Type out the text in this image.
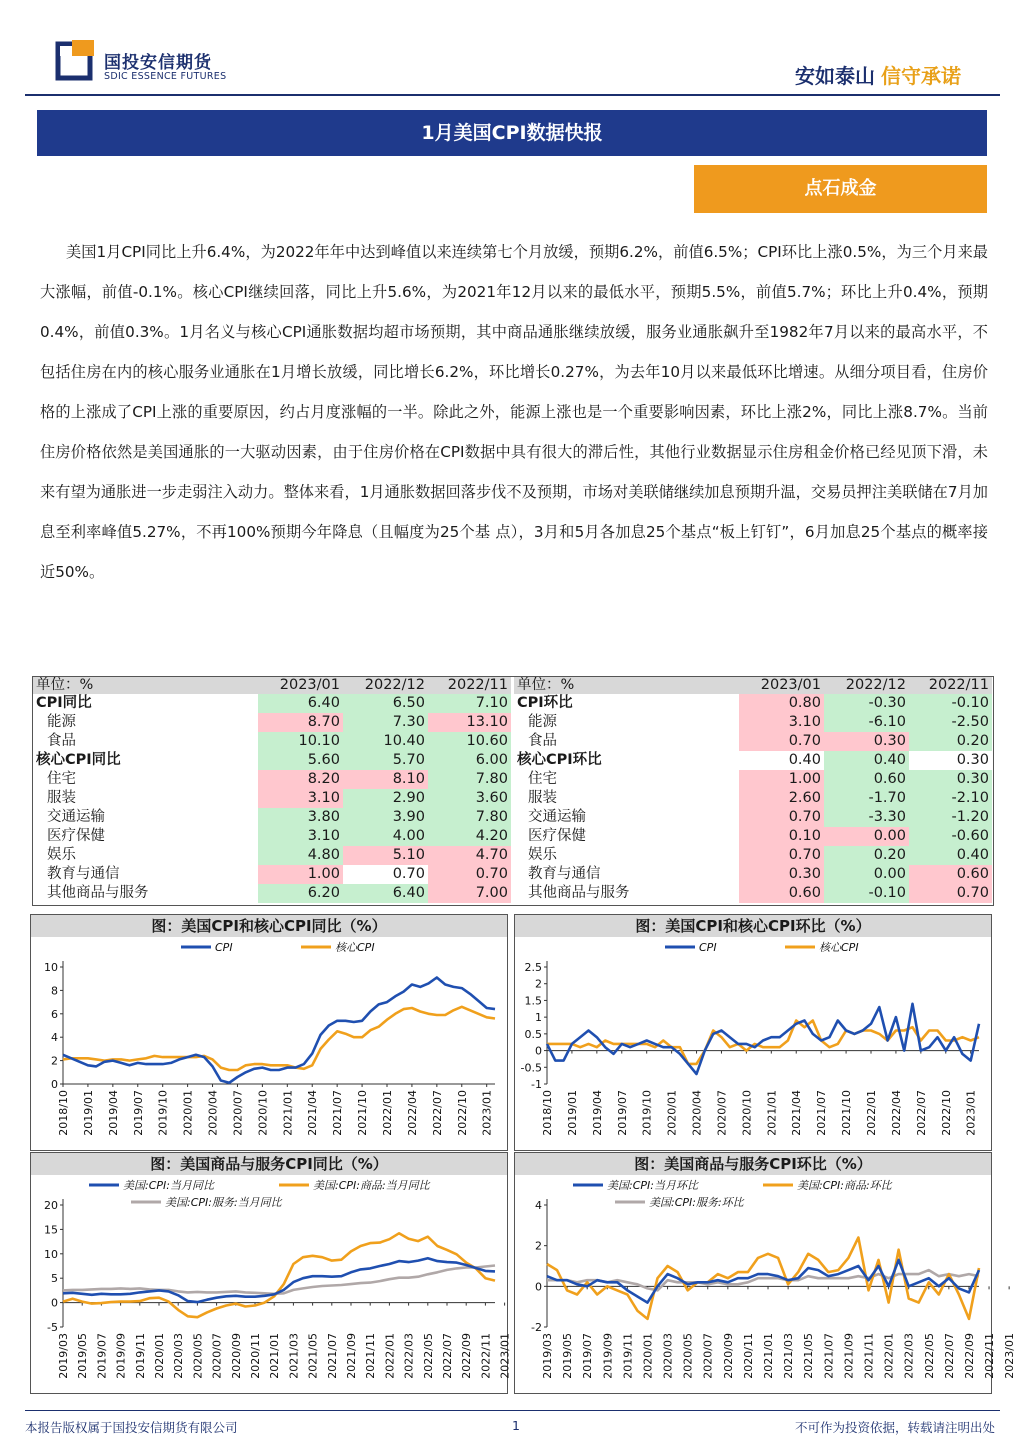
国投安信期货
SDIC ESSENCE FUTURES	安如泰山 信守承诺
1月美国CPI数据快报
点石成金

美国1月CPI同比上升6.4%，为2022年年中达到峰值以来连续第七个月放缓，预期6.2%，前值6.5%；CPI环比上涨0.5%，为三个月来最大涨幅，前值-0.1%。核心CPI继续回落，同比上升5.6%，为2021年12月以来的最低水平，预期5.5%，前值5.7%；环比上升0.4%，预期0.4%，前值0.3%。1月名义与核心CPI通胀数据均超市场预期，其中商品通胀继续放缓，服务业通胀飙升至1982年7月以来的最高水平，不包括住房在内的核心服务业通胀在1月增长放缓，同比增长6.2%，环比增长0.27%，为去年10月以来最低环比增速。从细分项目看，住房价格的上涨成了CPI上涨的重要原因，约占月度涨幅的一半。除此之外，能源上涨也是一个重要影响因素，环比上涨2%，同比上涨8.7%。当前住房价格依然是美国通胀的一大驱动因素，由于住房价格在CPI数据中具有很大的滞后性，其他行业数据显示住房租金价格已经见顶下滑，未来有望为通胀进一步走弱注入动力。整体来看，1月通胀数据回落步伐不及预期，市场对美联储继续加息预期升温，交易员押注美联储在7月加息至利率峰值5.27%，不再100%预期今年降息（且幅度为25个基 点），3月和5月各加息25个基点“板上钉钉”，6月加息25个基点的概率接近50%。

单位：%	2023/01	2022/12	2022/11
CPI同比	6.40	6.50	7.10
能源	8.70	7.30	13.10
食品	10.10	10.40	10.60
核心CPI同比	5.60	5.70	6.00
住宅	8.20	8.10	7.80
服装	3.10	2.90	3.60
交通运输	3.80	3.90	7.80
医疗保健	3.10	4.00	4.20
娱乐	4.80	5.10	4.70
教育与通信	1.00	0.70	0.70
其他商品与服务	6.20	6.40	7.00
单位：%	2023/01	2022/12	2022/11
CPI环比	0.80	-0.30	-0.10
能源	3.10	-6.10	-2.50
食品	0.70	0.30	0.20
核心CPI环比	0.40	0.40	0.30
住宅	1.00	0.60	0.30
服装	2.60	-1.70	-2.10
交通运输	0.70	-3.30	-1.20
医疗保健	0.10	0.00	-0.60
娱乐	0.70	0.20	0.40
教育与通信	0.30	0.00	0.60
其他商品与服务	0.60	-0.10	0.70
图：美国CPI和核心CPI同比（%）
0
2
4
6
8
10
2018/10 2019/01 2019/04 2019/07 2019/10 2020/01 2020/04 2020/07 2020/10 2021/01 2021/04 2021/07 2021/10 2022/01 2022/04 2022/07 2022/10 2023/01
CPI	核心CPI
图：美国CPI和核心CPI环比（%）
-1
-0.5
0
0.5
1
1.5
2
2.5
2018/10 2019/01 2019/04 2019/07 2019/10 2020/01 2020/04 2020/07 2020/10 2021/01 2021/04 2021/07 2021/10 2022/01 2022/04 2022/07 2022/10 2023/01
CPI	核心CPI
图：美国商品与服务CPI同比（%）
-5
0
5
10
15
20
2019/03 2019/05 2019/07 2019/09 2019/11 2020/01 2020/03 2020/05 2020/07 2020/09 2020/11 2021/01 2021/03 2021/05 2021/07 2021/09 2021/11 2022/01 2022/03 2022/05 2022/07 2022/09 2022/11 2023/01
美国:CPI:当月同比	美国:CPI:商品:当月同比
美国:CPI:服务:当月同比
图：美国商品与服务CPI环比（%）
-2
0
2
4
2019/03 2019/05 2019/07 2019/09 2019/11 2020/01 2020/03 2020/05 2020/07 2020/09 2020/11 2021/01 2021/03 2021/05 2021/07 2021/09 2021/11 2022/01 2022/03 2022/05 2022/07 2022/09 2022/11 2023/01
美国:CPI:当月环比	美国:CPI:商品:环比
美国:CPI:服务:环比
本报告版权属于国投安信期货有限公司	1	不可作为投资依据，转载请注明出处
